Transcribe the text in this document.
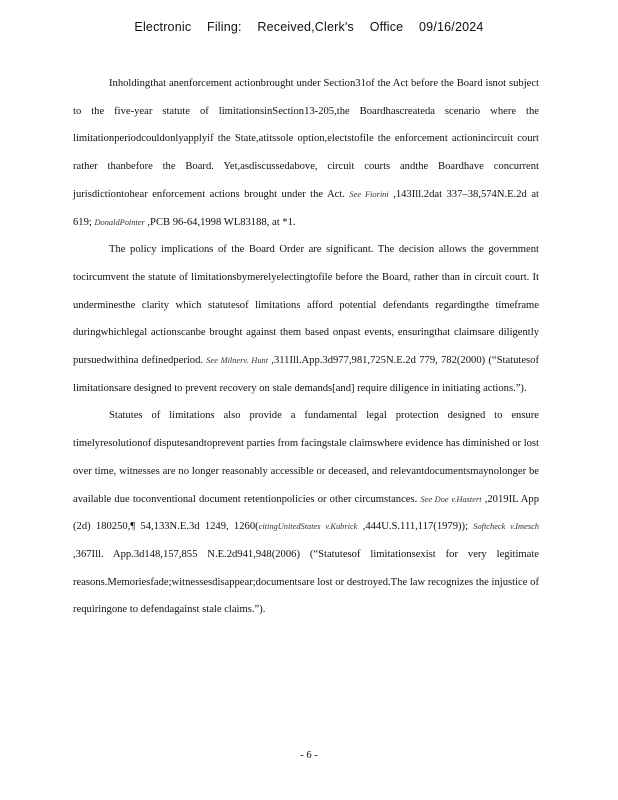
Electronic Filing: Received,Clerk's Office 09/16/2024

Inholdingthat anenforcement actionbrought under Section31of the Act before the Board isnot subject to the five-year statute of limitationsinSection13-205,the Boardhascreateda scenario where the limitationperiodcouldonlyapplyif the State,atitssole option,electstofile the enforcement actionincircuit court rather thanbefore the Board. Yet,asdiscussedabove, circuit courts andthe Boardhave concurrent jurisdictiontohear enforcement actions brought under the Act. See Fiorini ,143Ill.2dat 337–38,574N.E.2d at 619; DonaldPointer ,PCB 96-64,1998 WL83188, at *1.

The policy implications of the Board Order are significant. The decision allows the government tocircumvent the statute of limitationsbymerelyelectingtofile before the Board, rather than in circuit court. It underminesthe clarity which statutesof limitations afford potential defendants regardingthe timeframe duringwhichlegal actionscanbe brought against them based onpast events, ensuringthat claimsare diligently pursuedwithina definedperiod. See Milnerv. Hunt ,311Ill.App.3d977,981,725N.E.2d 779, 782(2000) (“Statutesof limitationsare designed to prevent recovery on stale demands[and] require diligence in initiating actions.”).

Statutes of limitations also provide a fundamental legal protection designed to ensure timelyresolutionof disputesandtoprevent parties from facingstale claimswhere evidence has diminished or lost over time, witnesses are no longer reasonably accessible or deceased, and relevantdocumentsmaynolonger be available due toconventional document retentionpolicies or other circumstances. See Doe v.Hastert ,2019IL App (2d) 180250,¶ 54,133N.E.3d 1249, 1260(citingUnitedStates v.Kubrick ,444U.S.111,117(1979)); Softcheck v.Imesch ,367Ill. App.3d148,157,855 N.E.2d941,948(2006) (“Statutesof limitationsexist for very legitimate reasons.Memoriesfade;witnessesdisappear;documentsare lost or destroyed.The law recognizes the injustice of requiringone to defendagainst stale claims.”).

- 6 -
